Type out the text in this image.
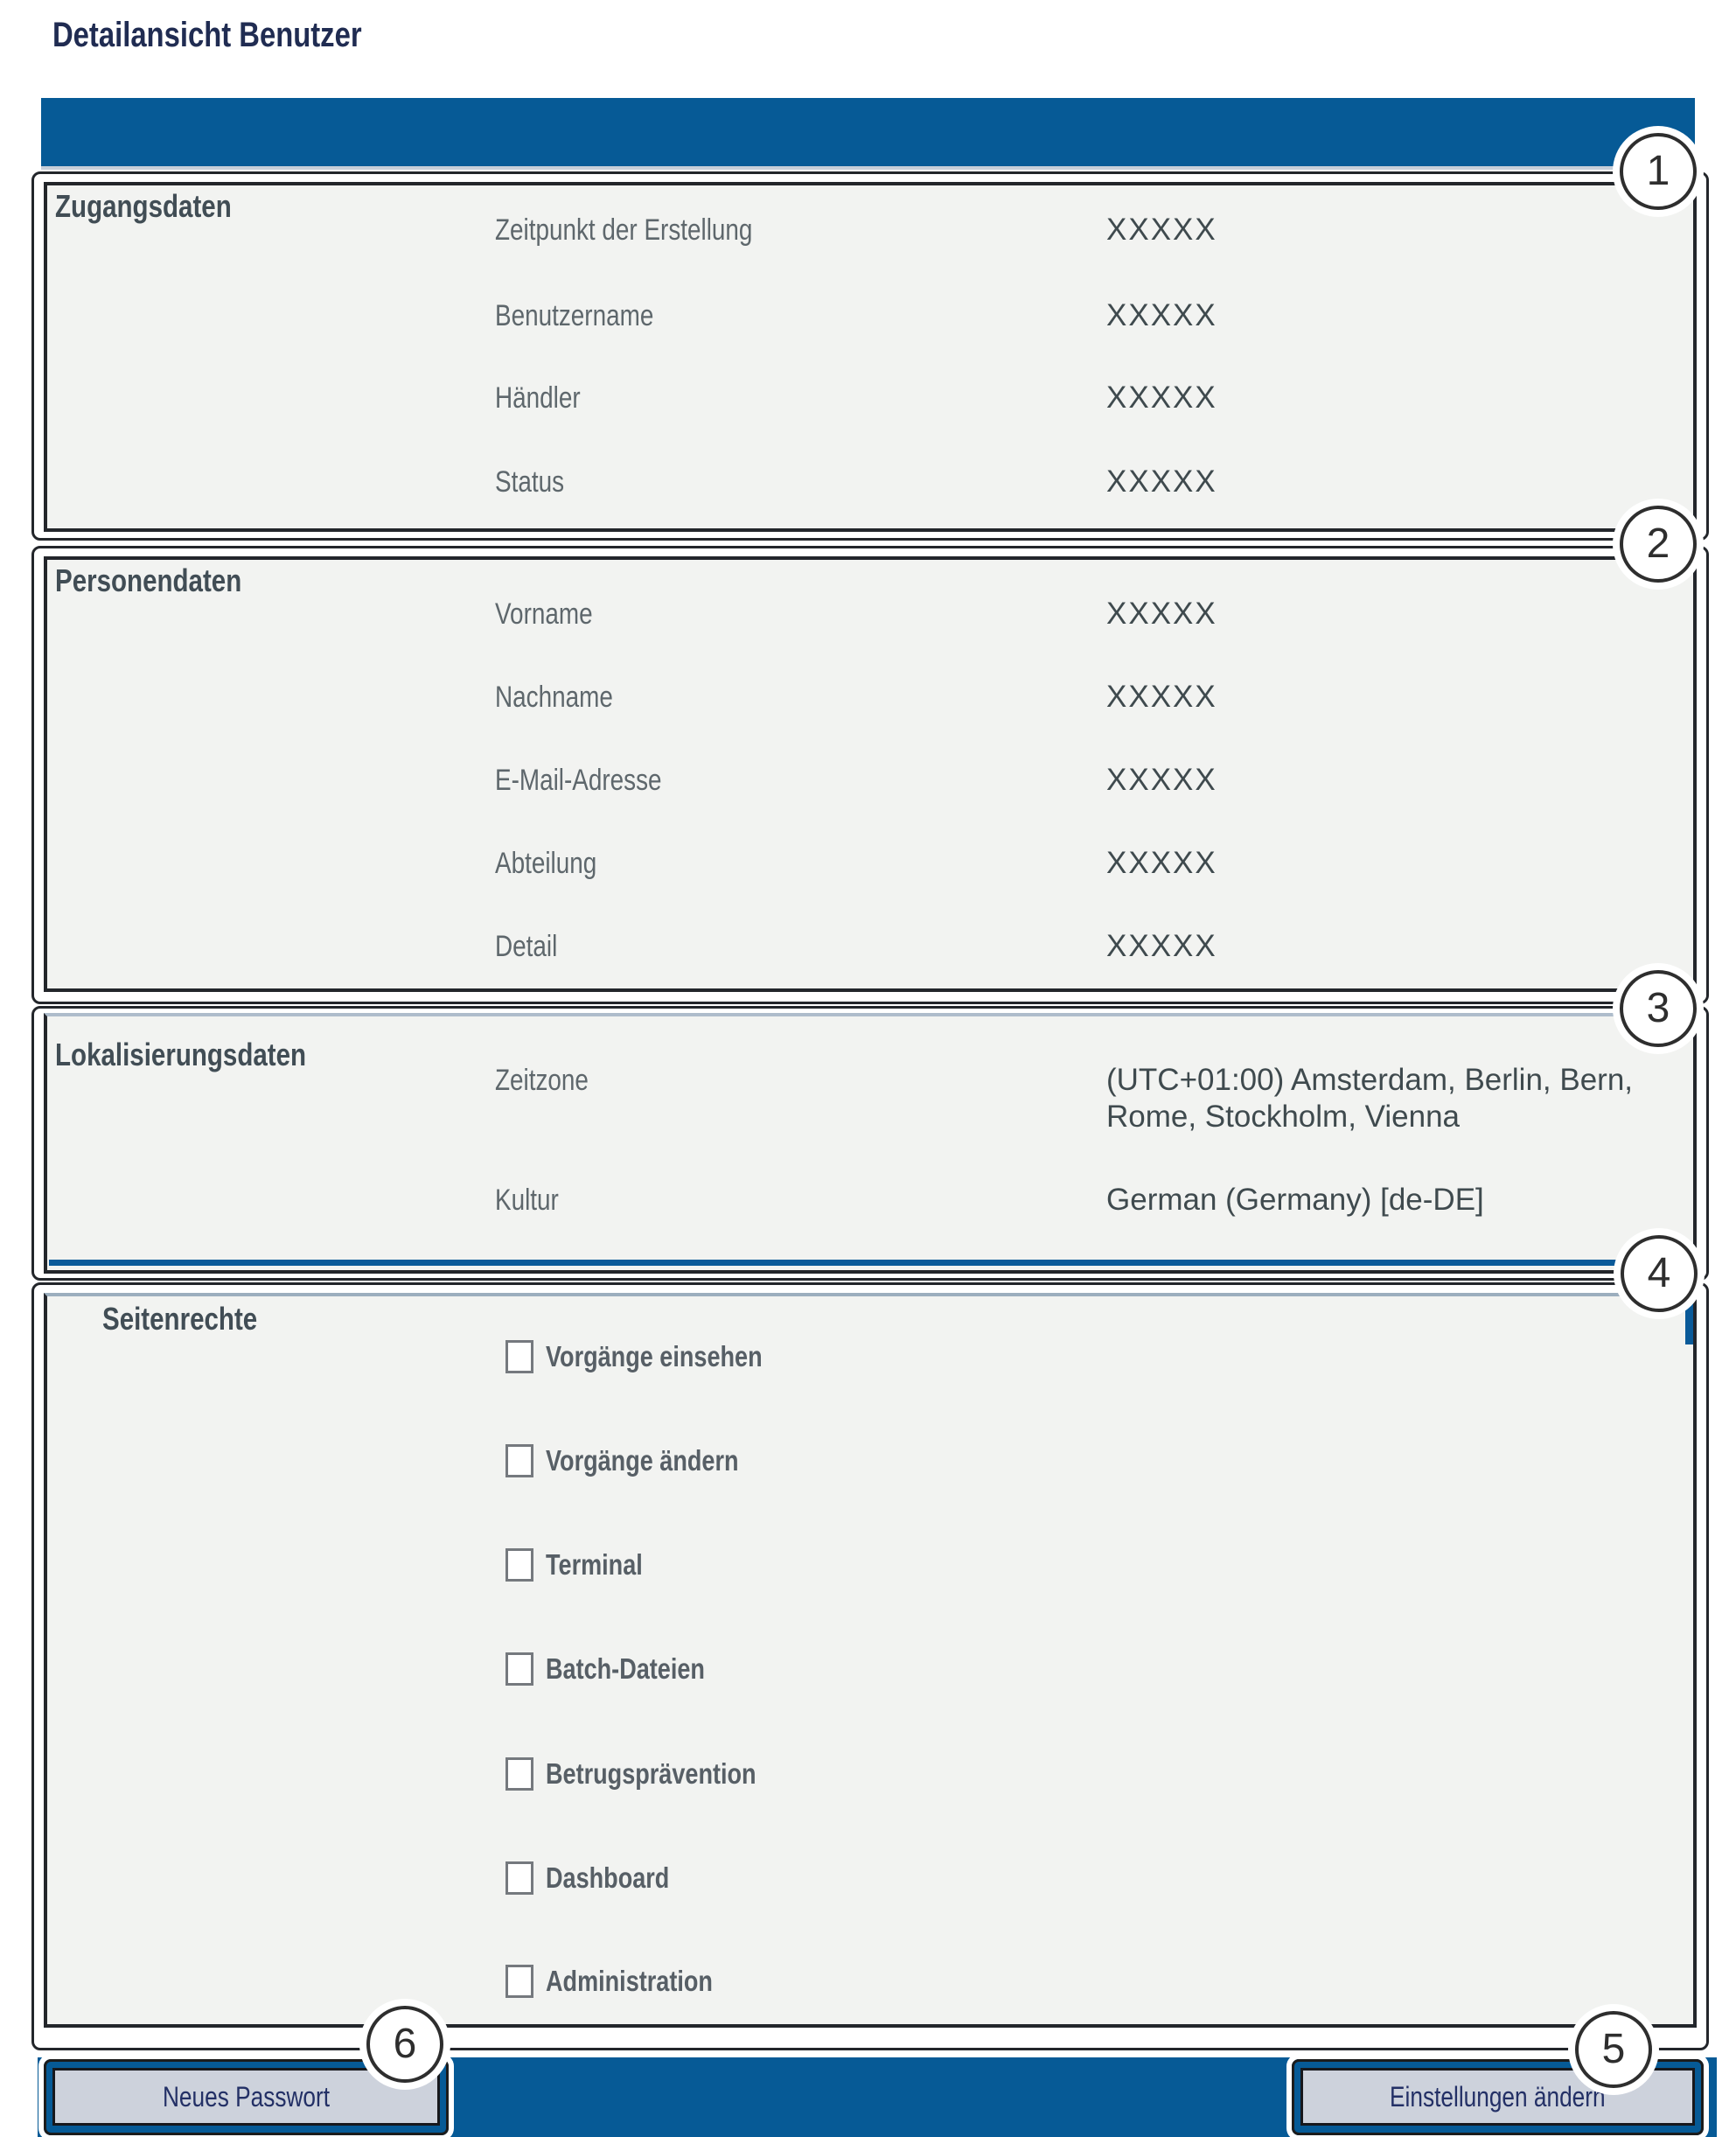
Detailansicht Benutzer
Zugangsdaten
Zeitpunkt der Erstellung	XXXXX
Benutzername	XXXXX
Händler	XXXXX
Status	XXXXX
Personendaten
Vorname	XXXXX
Nachname	XXXXX
E-Mail-Adresse	XXXXX
Abteilung	XXXXX
Detail	XXXXX
Lokalisierungsdaten
Zeitzone	(UTC+01:00) Amsterdam, Berlin, Bern, Rome, Stockholm, Vienna
Kultur	German (Germany) [de-DE]
Seitenrechte
Vorgänge einsehen
Vorgänge ändern
Terminal
Batch-Dateien
Betrugsprävention
Dashboard
Administration
Neues Passwort	Einstellungen ändern
1
2
3
4
5
6
